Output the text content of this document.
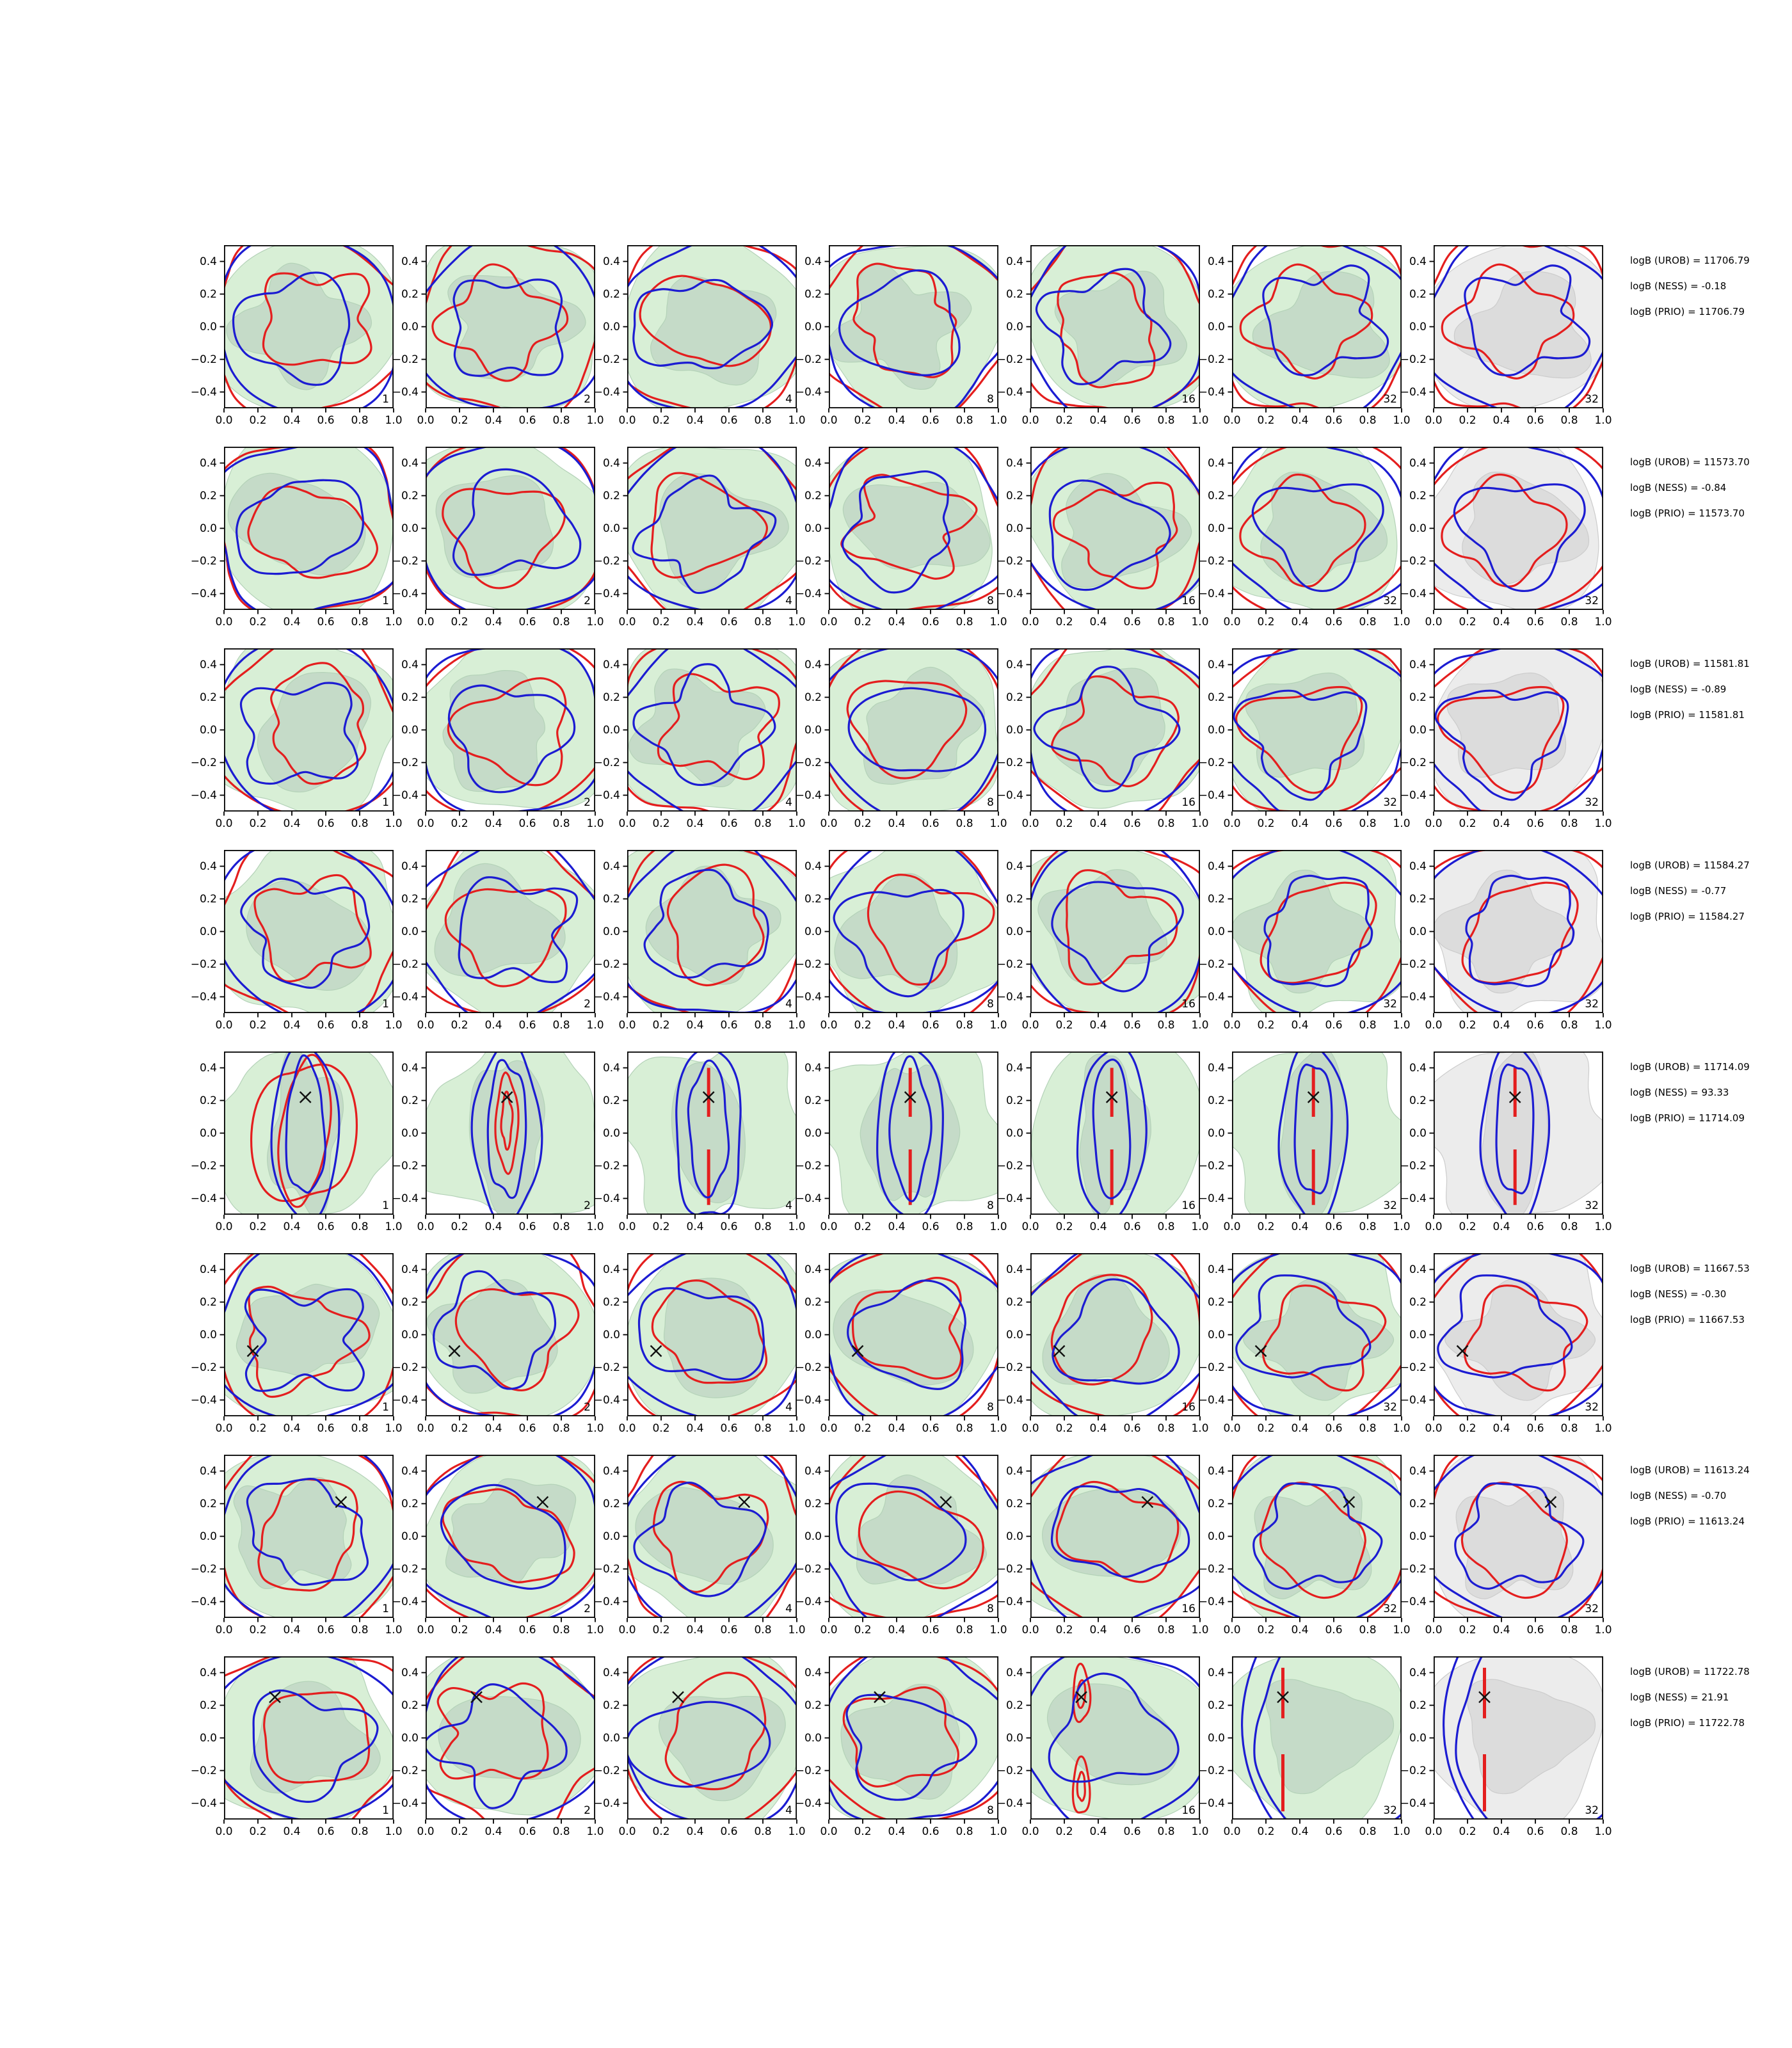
0.0	0.2	0.4	0.6	0.8	1.0
0.4
0.2
0.0
−0.2
−0.4
1
0.0	0.2	0.4	0.6	0.8	1.0
0.4
0.2
0.0
−0.2
−0.4
2
0.0	0.2	0.4	0.6	0.8	1.0
0.4
0.2
0.0
−0.2
−0.4
4
0.0	0.2	0.4	0.6	0.8	1.0
0.4
0.2
0.0
−0.2
−0.4
8
0.0	0.2	0.4	0.6	0.8	1.0
0.4
0.2
0.0
−0.2
−0.4
16
0.0	0.2	0.4	0.6	0.8	1.0
0.4
0.2
0.0
−0.2
−0.4
32
0.0	0.2	0.4	0.6	0.8	1.0
0.4
0.2
0.0
−0.2
−0.4
32
logB (UROB) = 11706.79
logB (NESS) = -0.18
logB (PRIO) = 11706.79
0.0	0.2	0.4	0.6	0.8	1.0
0.4
0.2
0.0
−0.2
−0.4
1
0.0	0.2	0.4	0.6	0.8	1.0
0.4
0.2
0.0
−0.2
−0.4
2
0.0	0.2	0.4	0.6	0.8	1.0
0.4
0.2
0.0
−0.2
−0.4
4
0.0	0.2	0.4	0.6	0.8	1.0
0.4
0.2
0.0
−0.2
−0.4
8
0.0	0.2	0.4	0.6	0.8	1.0
0.4
0.2
0.0
−0.2
−0.4
16
0.0	0.2	0.4	0.6	0.8	1.0
0.4
0.2
0.0
−0.2
−0.4
32
0.0	0.2	0.4	0.6	0.8	1.0
0.4
0.2
0.0
−0.2
−0.4
32
logB (UROB) = 11573.70
logB (NESS) = -0.84
logB (PRIO) = 11573.70
0.0	0.2	0.4	0.6	0.8	1.0
0.4
0.2
0.0
−0.2
−0.4
1
0.0	0.2	0.4	0.6	0.8	1.0
0.4
0.2
0.0
−0.2
−0.4
2
0.0	0.2	0.4	0.6	0.8	1.0
0.4
0.2
0.0
−0.2
−0.4
4
0.0	0.2	0.4	0.6	0.8	1.0
0.4
0.2
0.0
−0.2
−0.4
8
0.0	0.2	0.4	0.6	0.8	1.0
0.4
0.2
0.0
−0.2
−0.4
16
0.0	0.2	0.4	0.6	0.8	1.0
0.4
0.2
0.0
−0.2
−0.4
32
0.0	0.2	0.4	0.6	0.8	1.0
0.4
0.2
0.0
−0.2
−0.4
32
logB (UROB) = 11581.81
logB (NESS) = -0.89
logB (PRIO) = 11581.81
0.0	0.2	0.4	0.6	0.8	1.0
0.4
0.2
0.0
−0.2
−0.4
1
0.0	0.2	0.4	0.6	0.8	1.0
0.4
0.2
0.0
−0.2
−0.4
2
0.0	0.2	0.4	0.6	0.8	1.0
0.4
0.2
0.0
−0.2
−0.4
4
0.0	0.2	0.4	0.6	0.8	1.0
0.4
0.2
0.0
−0.2
−0.4
8
0.0	0.2	0.4	0.6	0.8	1.0
0.4
0.2
0.0
−0.2
−0.4
16
0.0	0.2	0.4	0.6	0.8	1.0
0.4
0.2
0.0
−0.2
−0.4
32
0.0	0.2	0.4	0.6	0.8	1.0
0.4
0.2
0.0
−0.2
−0.4
32
logB (UROB) = 11584.27
logB (NESS) = -0.77
logB (PRIO) = 11584.27
0.0	0.2	0.4	0.6	0.8	1.0
0.4
0.2
0.0
−0.2
−0.4
1
0.0	0.2	0.4	0.6	0.8	1.0
0.4
0.2
0.0
−0.2
−0.4
2
0.0	0.2	0.4	0.6	0.8	1.0
0.4
0.2
0.0
−0.2
−0.4
4
0.0	0.2	0.4	0.6	0.8	1.0
0.4
0.2
0.0
−0.2
−0.4
8
0.0	0.2	0.4	0.6	0.8	1.0
0.4
0.2
0.0
−0.2
−0.4
16
0.0	0.2	0.4	0.6	0.8	1.0
0.4
0.2
0.0
−0.2
−0.4
32
0.0	0.2	0.4	0.6	0.8	1.0
0.4
0.2
0.0
−0.2
−0.4
32
logB (UROB) = 11714.09
logB (NESS) = 93.33
logB (PRIO) = 11714.09
0.0	0.2	0.4	0.6	0.8	1.0
0.4
0.2
0.0
−0.2
−0.4
1
0.0	0.2	0.4	0.6	0.8	1.0
0.4
0.2
0.0
−0.2
−0.4
2
0.0	0.2	0.4	0.6	0.8	1.0
0.4
0.2
0.0
−0.2
−0.4
4
0.0	0.2	0.4	0.6	0.8	1.0
0.4
0.2
0.0
−0.2
−0.4
8
0.0	0.2	0.4	0.6	0.8	1.0
0.4
0.2
0.0
−0.2
−0.4
16
0.0	0.2	0.4	0.6	0.8	1.0
0.4
0.2
0.0
−0.2
−0.4
32
0.0	0.2	0.4	0.6	0.8	1.0
0.4
0.2
0.0
−0.2
−0.4
32
logB (UROB) = 11667.53
logB (NESS) = -0.30
logB (PRIO) = 11667.53
0.0	0.2	0.4	0.6	0.8	1.0
0.4
0.2
0.0
−0.2
−0.4
1
0.0	0.2	0.4	0.6	0.8	1.0
0.4
0.2
0.0
−0.2
−0.4
2
0.0	0.2	0.4	0.6	0.8	1.0
0.4
0.2
0.0
−0.2
−0.4
4
0.0	0.2	0.4	0.6	0.8	1.0
0.4
0.2
0.0
−0.2
−0.4
8
0.0	0.2	0.4	0.6	0.8	1.0
0.4
0.2
0.0
−0.2
−0.4
16
0.0	0.2	0.4	0.6	0.8	1.0
0.4
0.2
0.0
−0.2
−0.4
32
0.0	0.2	0.4	0.6	0.8	1.0
0.4
0.2
0.0
−0.2
−0.4
32
logB (UROB) = 11613.24
logB (NESS) = -0.70
logB (PRIO) = 11613.24
0.0	0.2	0.4	0.6	0.8	1.0
0.4
0.2
0.0
−0.2
−0.4
1
0.0	0.2	0.4	0.6	0.8	1.0
0.4
0.2
0.0
−0.2
−0.4
2
0.0	0.2	0.4	0.6	0.8	1.0
0.4
0.2
0.0
−0.2
−0.4
4
0.0	0.2	0.4	0.6	0.8	1.0
0.4
0.2
0.0
−0.2
−0.4
8
0.0	0.2	0.4	0.6	0.8	1.0
0.4
0.2
0.0
−0.2
−0.4
16
0.0	0.2	0.4	0.6	0.8	1.0
0.4
0.2
0.0
−0.2
−0.4
32
0.0	0.2	0.4	0.6	0.8	1.0
0.4
0.2
0.0
−0.2
−0.4
32
logB (UROB) = 11722.78
logB (NESS) = 21.91
logB (PRIO) = 11722.78
